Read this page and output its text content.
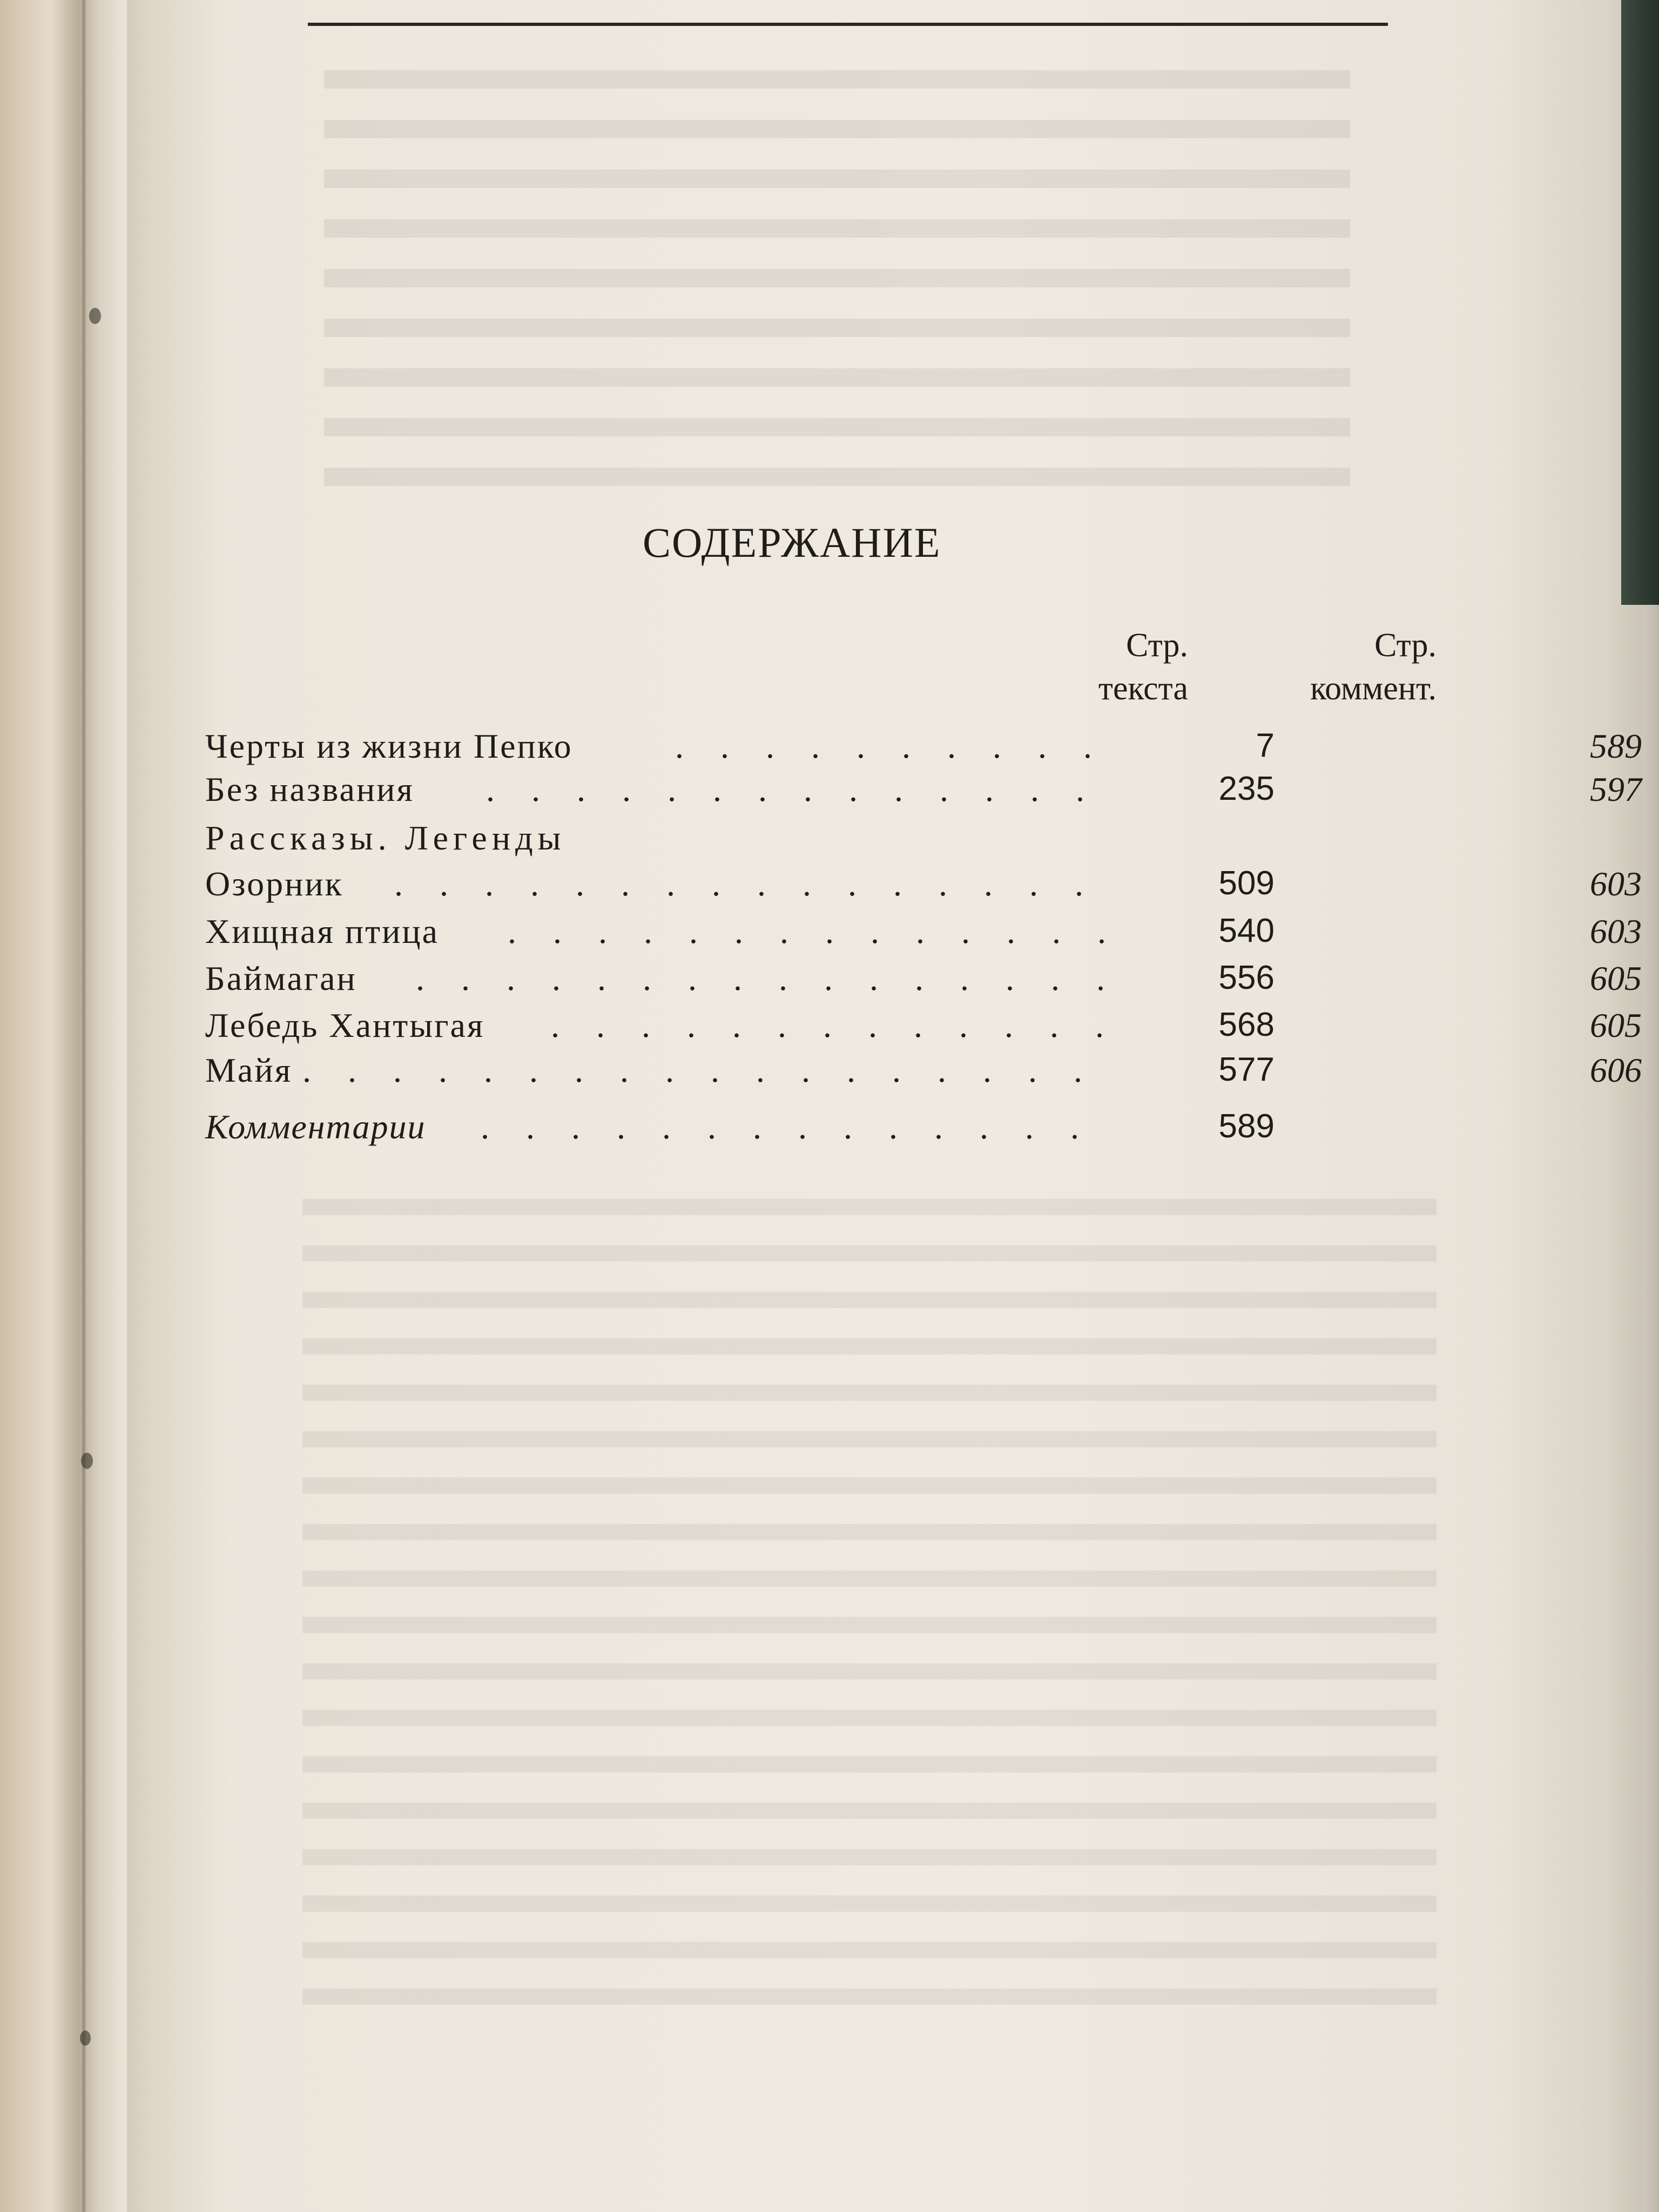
СОДЕРЖАНИЕ
Стр.
текста
Стр.
коммент.
Черты из жизни Пепко	. . . . . . . . . .	7	589
Без названия . . . . . . . . . . . . . .	235	597
Рассказы. Легенды
Озорник . . . . . . . . . . . . . . . .	509	603
Хищная птица . . . . . . . . . . . . . .	540	603
Баймаган . . . . . . . . . . . . . . . .	556	605
Лебедь Хантыгая . . . . . . . . . . . . .	568	605
Майя . . . . . . . . . . . . . . . . . .	577	606
Комментарии . . . . . . . . . . . . . .	589
